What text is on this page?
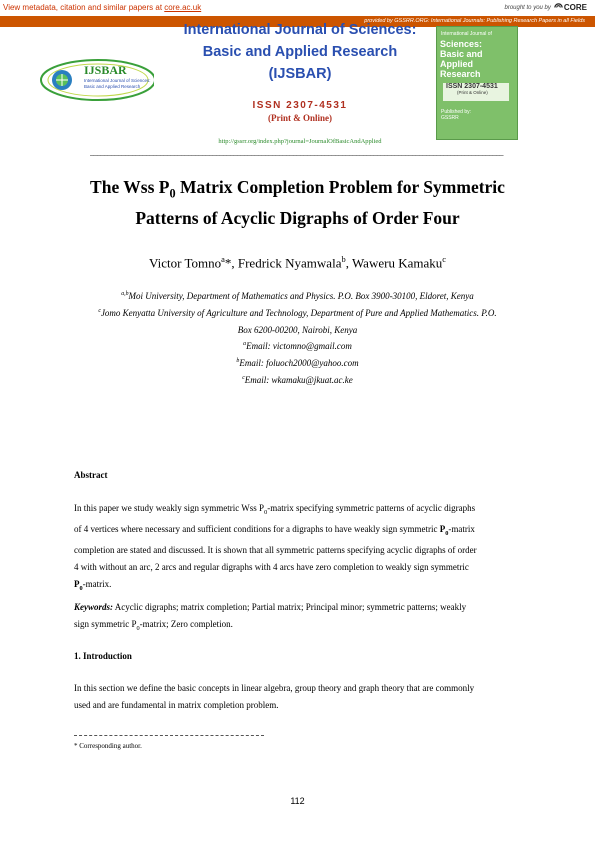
View metadata, citation and similar papers at core.ac.uk	brought to you by CORE
provided by GSSRR.ORG: International Journals: Publishing Research Papers in all Fields
IJSBAR
International Journal of Sciences:
Basic and Applied Research
International Journal of Sciences:
Basic and Applied Research
(IJSBAR)
ISSN 2307-4531
(Print & Online)
http://gssrr.org/index.php?journal=JournalOfBasicAndApplied
––––––––––––––––––––––––––––––––––––––––––––––––––––––––––––––––––––––––––––––––––––––––––––––––––––––––––––––––––––––
International Journal of
Sciences:
Basic and Applied
Research
ISSN 2307-4531
(Print & Online)
Published by:
GSSRR
The Wss $P_0$ Matrix Completion Problem for Symmetric
Patterns of Acyclic Digraphs of Order Four
Victor Tomno$^a$*, Fredrick Nyamwala$^b$, Waweru Kamaku$^c$
$^{a,b}$Moi University, Department of Mathematics and Physics. P.O. Box 3900-30100, Eldoret, Kenya
$^c$Jomo Kenyatta University of Agriculture and Technology, Department of Pure and Applied Mathematics. P.O.
Box 6200-00200, Nairobi, Kenya
$^a$Email: victomno@gmail.com
$^b$Email: foluoch2000@yahoo.com
$^c$Email: wkamaku@jkuat.ac.ke
Abstract
In this paper we study weakly sign symmetric Wss $P_0$-matrix specifying symmetric patterns of acyclic digraphs
of 4 vertices where necessary and sufficient conditions for a digraphs to have weakly sign symmetric $P_0$-matrix
completion are stated and discussed. It is shown that all symmetric patterns specifying acyclic digraphs of order
4 with without an arc, 2 arcs and regular digraphs with 4 arcs have zero completion to weakly sign symmetric
$P_0$-matrix.
Keywords: Acyclic digraphs; matrix completion; Partial matrix; Principal minor; symmetric patterns; weakly
sign symmetric $P_0$-matrix; Zero completion.
1. Introduction
In this section we define the basic concepts in linear algebra, group theory and graph theory that are commonly
used and are fundamental in matrix completion problem.
* Corresponding author.
112
